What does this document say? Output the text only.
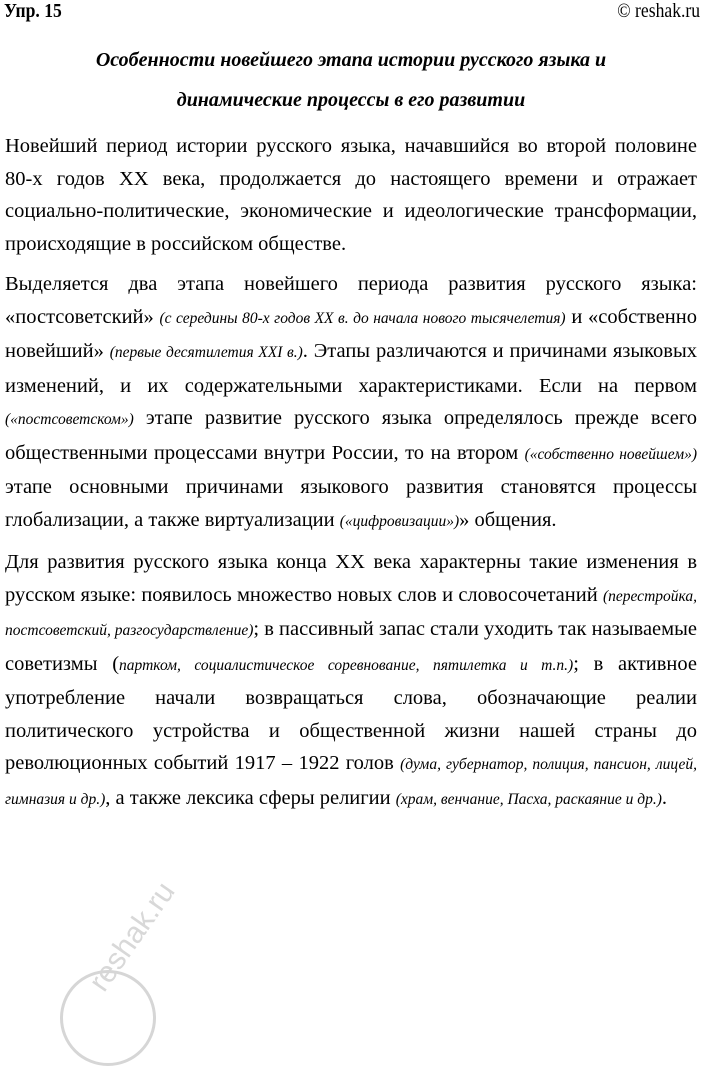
Упр. 15	© reshak.ru
Особенности новейшего этапа истории русского языка и
динамические процессы в его развитии

Новейший период истории русского языка, начавшийся во второй половине 80-х годов XX века, продолжается до настоящего времени и отражает социально-политические, экономические и идеологические трансформации, происходящие в российском обществе.

Выделяется два этапа новейшего периода развития русского языка: «постсоветский» (с середины 80-х годов XX в. до начала нового тысячелетия) и «собственно новейший» (первые десятилетия XXI в.). Этапы различаются и причинами языковых изменений, и их содержательными характеристиками. Если на первом («постсоветском») этапе развитие русского языка определялось прежде всего общественными процессами внутри России, то на втором («собственно новейшем») этапе основными причинами языкового развития становятся процессы глобализации, а также виртуализации («цифровизации»)» общения.

Для развития русского языка конца XX века характерны такие изменения в русском языке: появилось множество новых слов и словосочетаний (перестройка, постсоветский, разгосударствление); в пассивный запас стали уходить так называемые советизмы (партком, социалистическое соревнование, пятилетка и т.п.); в активное употребление начали возвращаться слова, обозначающие реалии политического устройства и общественной жизни нашей страны до революционных событий 1917 – 1922 голов (дума, губернатор, полиция, пансион, лицей, гимназия и др.), а также лексика сферы религии (храм, венчание, Пасха, раскаяние и др.).

reshak.ru
